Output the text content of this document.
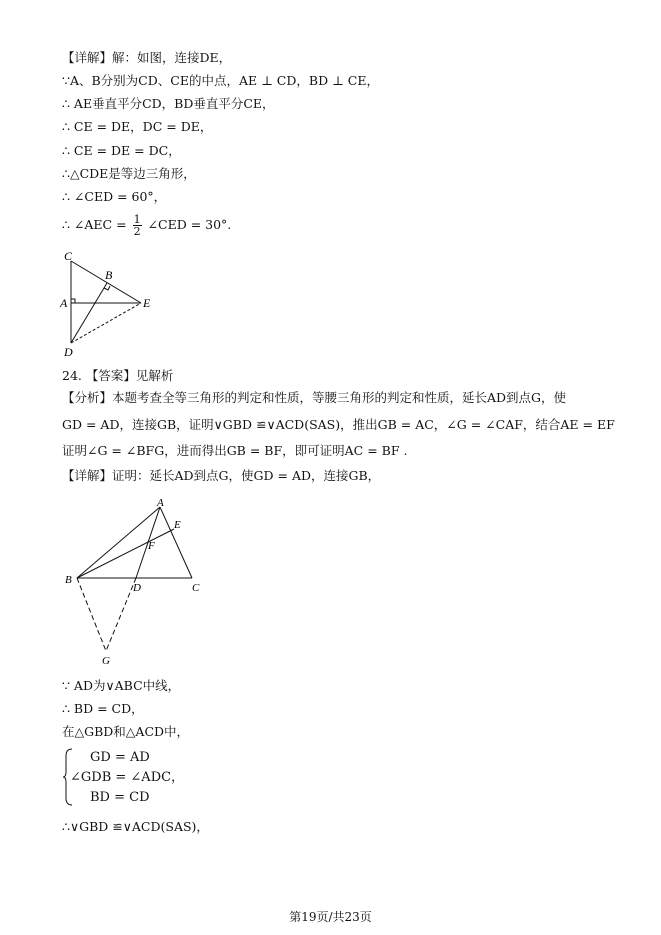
【详解】解：如图，连接DE，
∵A、B分别为CD、CE的中点，AE ⊥ CD，BD ⊥ CE，
∴ AE垂直平分CD，BD垂直平分CE，
∴ CE = DE，DC = DE，
∴ CE = DE = DC，
∴△CDE是等边三角形，
∴ ∠CED = 60°，
∴ ∠AEC = $\frac{1}{2}$ ∠CED = 30°.
C
B
A	E
D
24. 【答案】见解析
【分析】本题考查全等三角形的判定和性质，等腰三角形的判定和性质，延长AD到点G，使
GD = AD，连接GB，证明∨GBD ≌∨ACD(SAS)，推出GB = AC，∠G = ∠CAF，结合AE = EF
证明∠G = ∠BFG，进而得出GB = BF，即可证明AC = BF .
【详解】证明：延长AD到点G，使GD = AD，连接GB，
A
E
F
B
D	C
G
∵ AD为∨ABC中线，
∴ BD = CD，
在△GBD和△ACD中，
GD = AD
∠GDB = ∠ADC，
BD = CD
∴∨GBD ≌∨ACD(SAS)，
第19页/共23页
